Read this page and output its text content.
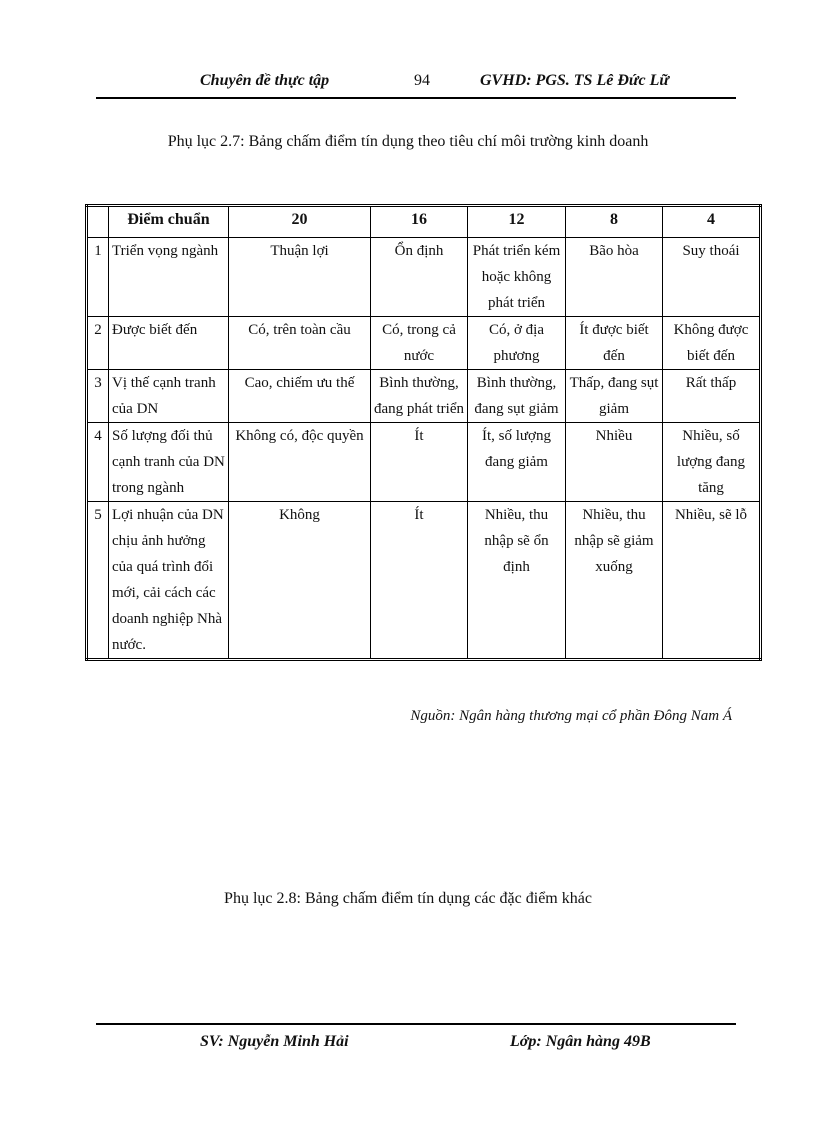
Chuyên đề thực tập	94	GVHD: PGS. TS Lê Đức Lữ
Phụ lục 2.7: Bảng chấm điểm tín dụng theo tiêu chí môi trường kinh doanh
	Điểm chuẩn	20	16	12	8	4
1	Triển vọng ngành	Thuận lợi	Ổn định	Phát triển kém hoặc không phát triển	Bão hòa	Suy thoái
2	Được biết đến	Có, trên toàn cầu	Có, trong cả nước	Có, ở địa phương	Ít được biết đến	Không được biết đến
3	Vị thế cạnh tranh của DN	Cao, chiếm ưu thế	Bình thường, đang phát triển	Bình thường, đang sụt giảm	Thấp, đang sụt giảm	Rất thấp
4	Số lượng đối thủ cạnh tranh của DN trong ngành	Không có, độc quyền	Ít	Ít, số lượng đang giảm	Nhiều	Nhiều, số lượng đang tăng
5	Lợi nhuận của DN chịu ảnh hưởng của quá trình đổi mới, cải cách các doanh nghiệp Nhà nước.	Không	Ít	Nhiều, thu nhập sẽ ổn định	Nhiều, thu nhập sẽ giảm xuống	Nhiều, sẽ lỗ
Nguồn: Ngân hàng thương mại cổ phần Đông Nam Á
Phụ lục 2.8: Bảng chấm điểm tín dụng các đặc điểm khác
SV: Nguyễn Minh Hải	Lớp: Ngân hàng 49B
